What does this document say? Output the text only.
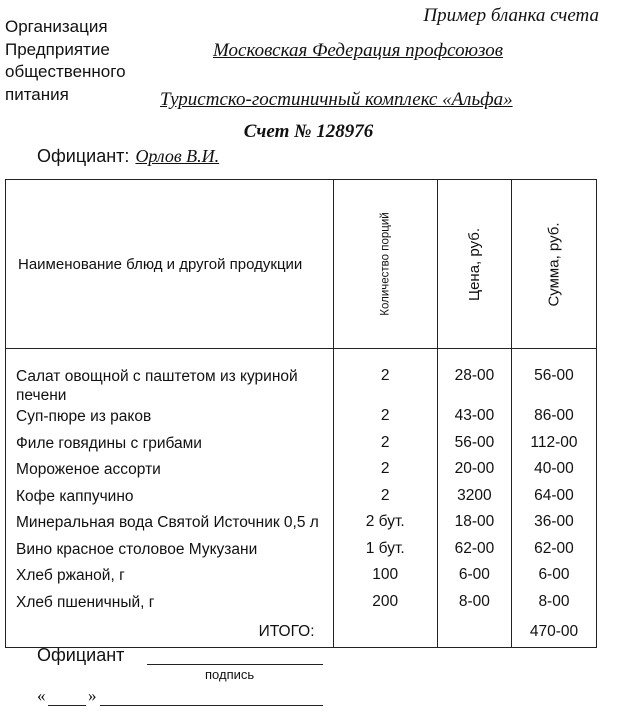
Организация
Предприятие
общественного
питания
Пример бланка счета
Московская Федерация профсоюзов
Туристско-гостиничный комплекс «Альфа»
Счет № 128976
Официант: Орлов В.И.
Наименование блюд и другой продукции	Количество порций	Цена, руб.	Сумма, руб.

Салат овощной с паштетом из куриной печени	2	28-00	56-00
Суп-пюре из раков	2	43-00	86-00
Филе говядины с грибами	2	56-00	112-00
Мороженое ассорти	2	20-00	40-00
Кофе каппучино	2	3200	64-00
Минеральная вода Святой Источник 0,5 л	2 бут.	18-00	36-00
Вино красное столовое Мукузани	1 бут.	62-00	62-00
Хлеб ржаной, г	100	6-00	6-00
Хлеб пшеничный, г	200	8-00	8-00
ИТОГО:			470-00
Официант
подпись
«	»
